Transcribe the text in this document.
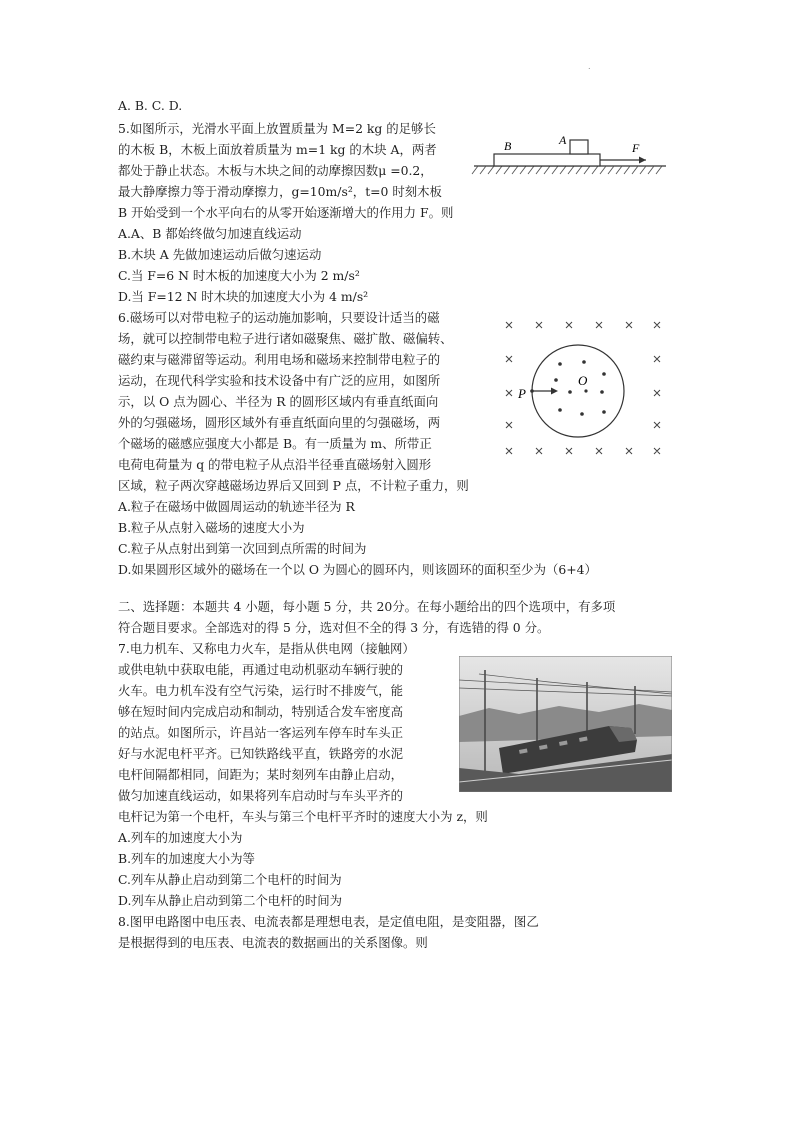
.
A. B. C. D.
5.如图所示，光滑水平面上放置质量为 M=2 kg 的足够长
的木板 B，木板上面放着质量为 m=1 kg 的木块 A，两者
都处于静止状态。木板与木块之间的动摩擦因数μ =0.2，
最大静摩擦力等于滑动摩擦力，g=10m/s²，t=0 时刻木板
B 开始受到一个水平向右的从零开始逐渐增大的作用力 F。则
A.A、B 都始终做匀加速直线运动
B.木块 A 先做加速运动后做匀速运动
C.当 F=6 N 时木板的加速度大小为 2 m/s²
D.当 F=12 N 时木块的加速度大小为 4 m/s²
B	A
F
6.磁场可以对带电粒子的运动施加影响，只要设计适当的磁
场，就可以控制带电粒子进行诸如磁聚焦、磁扩散、磁偏转、
磁约束与磁滞留等运动。利用电场和磁场来控制带电粒子的
运动，在现代科学实验和技术设备中有广泛的应用，如图所
示，以 O 点为圆心、半径为 R 的圆形区域内有垂直纸面向
外的匀强磁场，圆形区域外有垂直纸面向里的匀强磁场，两
个磁场的磁感应强度大小都是 B。有一质量为 m、所带正
电荷电荷量为 q 的带电粒子从点沿半径垂直磁场射入圆形
区域，粒子两次穿越磁场边界后又回到 P 点，不计粒子重力，则
A.粒子在磁场中做圆周运动的轨迹半径为 R
B.粒子从点射入磁场的速度大小为
C.粒子从点射出到第一次回到点所需的时间为
D.如果圆形区域外的磁场在一个以 O 为圆心的圆环内，则该圆环的面积至少为（6+4）
P
O
二、选择题：本题共 4 小题，每小题 5 分，共 20分。在每小题给出的四个选项中，有多项
符合题目要求。全部选对的得 5 分，选对但不全的得 3 分，有选错的得 0 分。
7.电力机车、又称电力火车，是指从供电网（接触网）
或供电轨中获取电能，再通过电动机驱动车辆行驶的
火车。电力机车没有空气污染，运行时不排废气，能
够在短时间内完成启动和制动，特别适合发车密度高
的站点。如图所示，许昌站一客运列车停车时车头正
好与水泥电杆平齐。已知铁路线平直，铁路旁的水泥
电杆间隔都相同，间距为；某时刻列车由静止启动，
做匀加速直线运动，如果将列车启动时与车头平齐的
电杆记为第一个电杆，车头与第三个电杆平齐时的速度大小为 z，则
A.列车的加速度大小为
B.列车的加速度大小为等
C.列车从静止启动到第二个电杆的时间为
D.列车从静止启动到第二个电杆的时间为
8.图甲电路图中电压表、电流表都是理想电表，是定值电阻，是变阻器，图乙
是根据得到的电压表、电流表的数据画出的关系图像。则
